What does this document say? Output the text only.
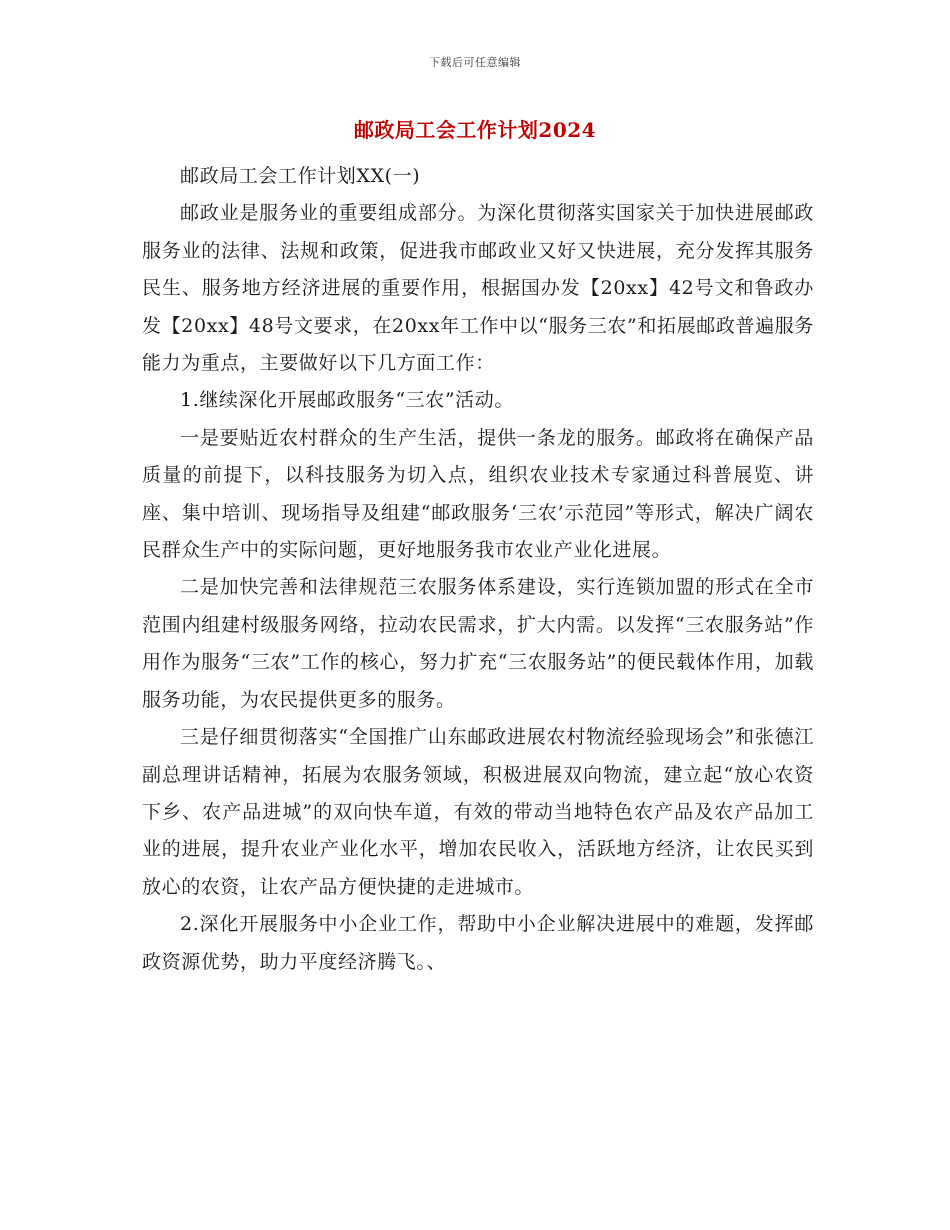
下载后可任意编辑
邮政局工会工作计划2024

邮政局工会工作计划XX(一)

邮政业是服务业的重要组成部分。为深化贯彻落实国家关于加快进展邮政服务业的法律、法规和政策，促进我市邮政业又好又快进展，充分发挥其服务民生、服务地方经济进展的重要作用，根据国办发【20xx】42号文和鲁政办发【20xx】48号文要求，在20xx年工作中以“服务三农”和拓展邮政普遍服务能力为重点，主要做好以下几方面工作：

1.继续深化开展邮政服务“三农”活动。

一是要贴近农村群众的生产生活，提供一条龙的服务。邮政将在确保产品质量的前提下，以科技服务为切入点，组织农业技术专家通过科普展览、讲座、集中培训、现场指导及组建“邮政服务‘三农’示范园”等形式，解决广阔农民群众生产中的实际问题，更好地服务我市农业产业化进展。

二是加快完善和法律规范三农服务体系建设，实行连锁加盟的形式在全市范围内组建村级服务网络，拉动农民需求，扩大内需。以发挥“三农服务站”作用作为服务“三农”工作的核心，努力扩充“三农服务站”的便民载体作用，加载服务功能，为农民提供更多的服务。

三是仔细贯彻落实“全国推广山东邮政进展农村物流经验现场会”和张德江副总理讲话精神，拓展为农服务领域，积极进展双向物流，建立起“放心农资下乡、农产品进城”的双向快车道，有效的带动当地特色农产品及农产品加工业的进展，提升农业产业化水平，增加农民收入，活跃地方经济，让农民买到放心的农资，让农产品方便快捷的走进城市。

2.深化开展服务中小企业工作，帮助中小企业解决进展中的难题，发挥邮政资源优势，助力平度经济腾飞。、
